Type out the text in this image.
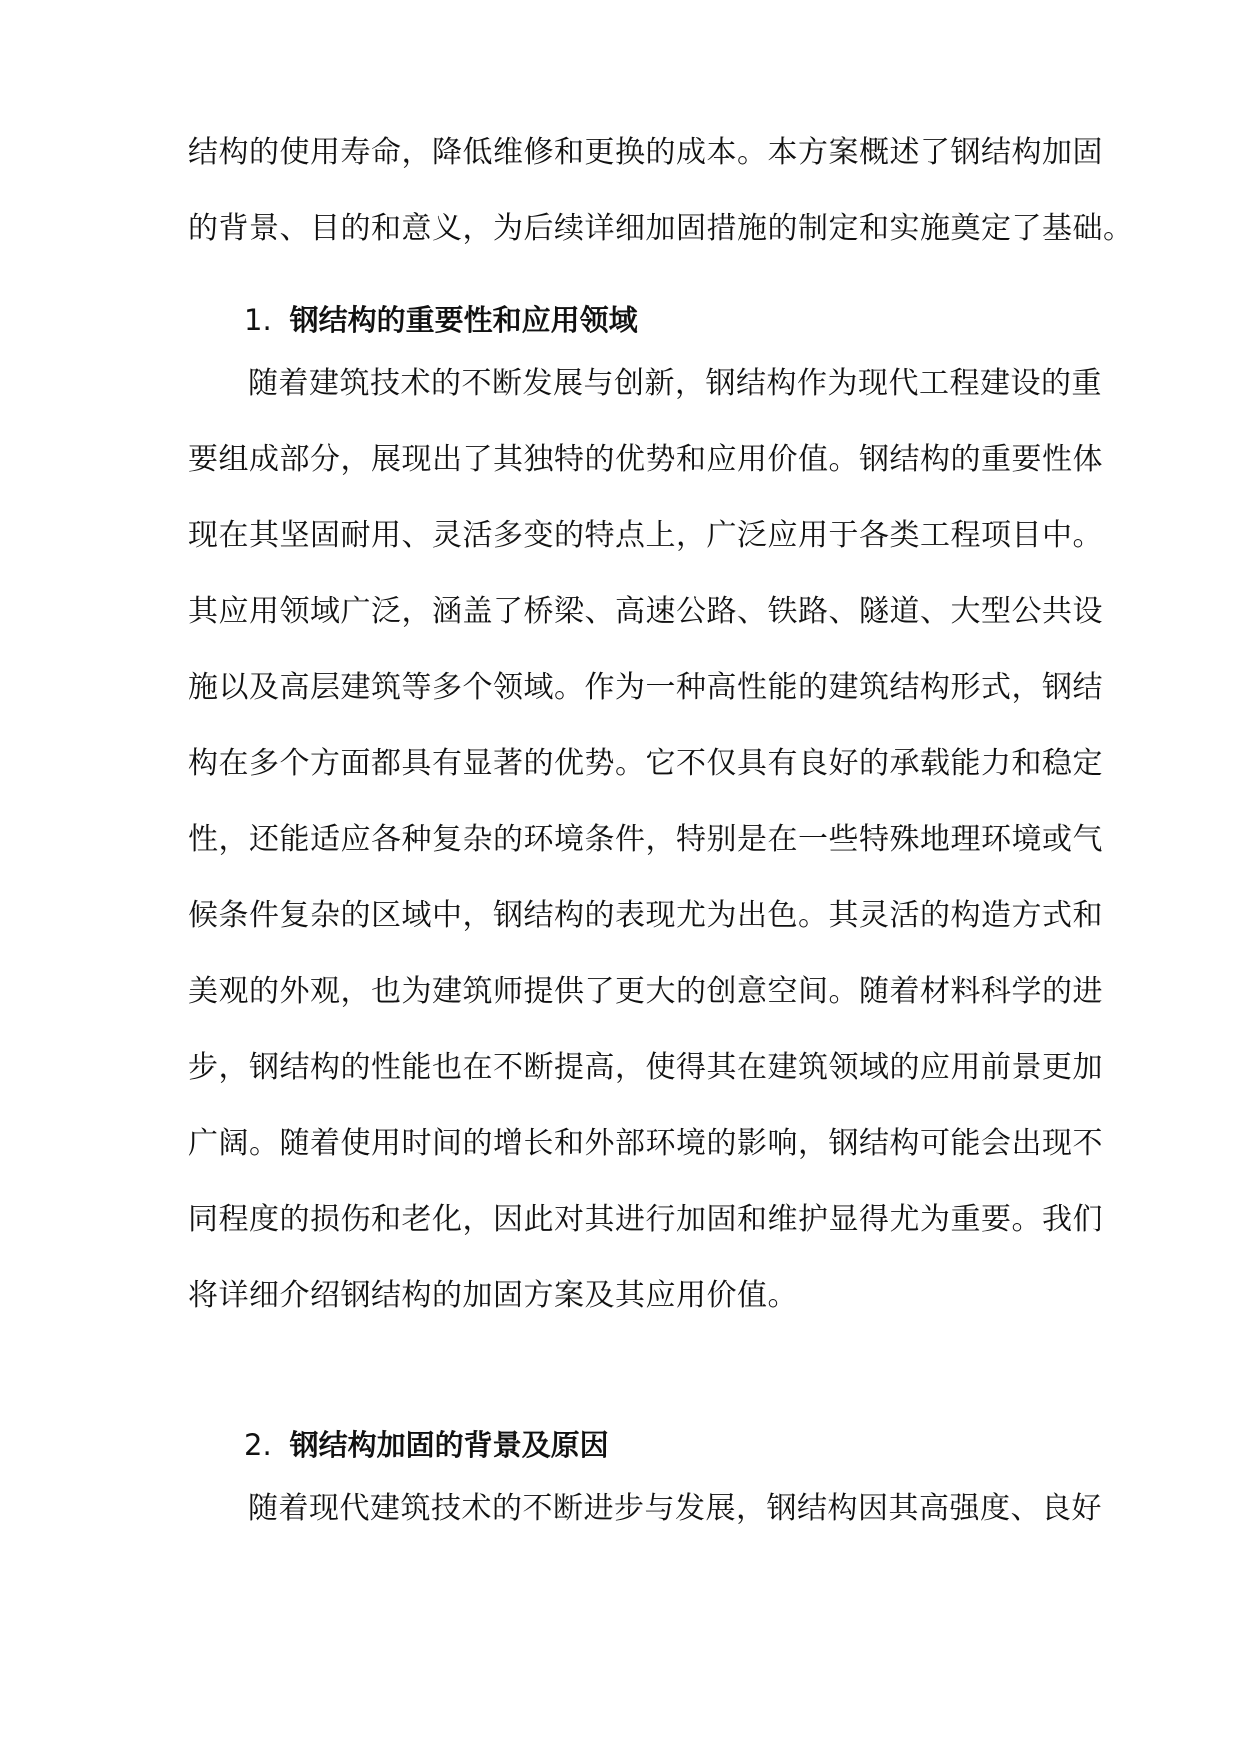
结构的使用寿命，降低维修和更换的成本。本方案概述了钢结构加固
的背景、目的和意义，为后续详细加固措施的制定和实施奠定了基础。
1. 钢结构的重要性和应用领域
随着建筑技术的不断发展与创新，钢结构作为现代工程建设的重
要组成部分，展现出了其独特的优势和应用价值。钢结构的重要性体
现在其坚固耐用、灵活多变的特点上，广泛应用于各类工程项目中。
其应用领域广泛，涵盖了桥梁、高速公路、铁路、隧道、大型公共设
施以及高层建筑等多个领域。作为一种高性能的建筑结构形式，钢结
构在多个方面都具有显著的优势。它不仅具有良好的承载能力和稳定
性，还能适应各种复杂的环境条件，特别是在一些特殊地理环境或气
候条件复杂的区域中，钢结构的表现尤为出色。其灵活的构造方式和
美观的外观，也为建筑师提供了更大的创意空间。随着材料科学的进
步，钢结构的性能也在不断提高，使得其在建筑领域的应用前景更加
广阔。随着使用时间的增长和外部环境的影响，钢结构可能会出现不
同程度的损伤和老化，因此对其进行加固和维护显得尤为重要。我们
将详细介绍钢结构的加固方案及其应用价值。
2. 钢结构加固的背景及原因
随着现代建筑技术的不断进步与发展，钢结构因其高强度、良好
